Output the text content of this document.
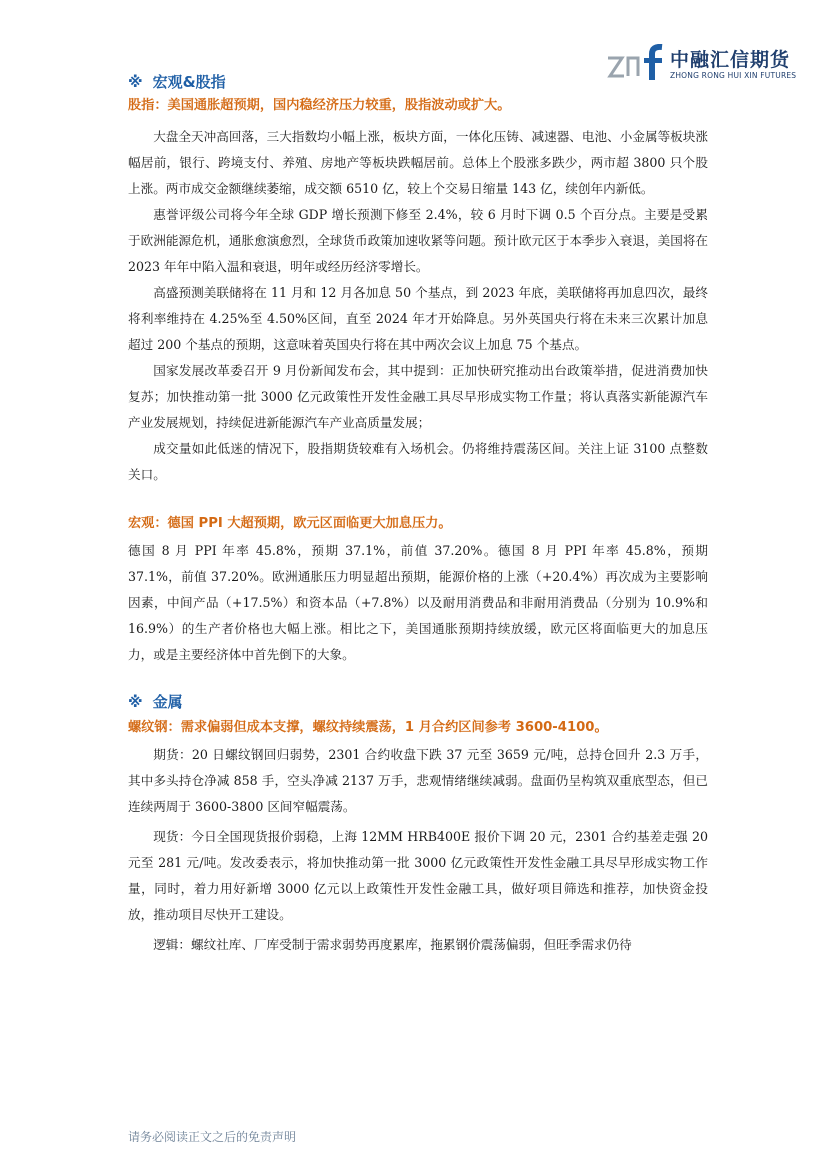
中融汇信期货
ZHONG RONG HUI XIN FUTURES
※ 宏观&股指
股指：美国通胀超预期，国内稳经济压力较重，股指波动或扩大。

大盘全天冲高回落，三大指数均小幅上涨，板块方面，一体化压铸、减速器、电池、小金属等板块涨幅居前，银行、跨境支付、养殖、房地产等板块跌幅居前。总体上个股涨多跌少，两市超 3800 只个股上涨。两市成交金额继续萎缩，成交额 6510 亿，较上个交易日缩量 143 亿，续创年内新低。

惠誉评级公司将今年全球 GDP 增长预测下修至 2.4%，较 6 月时下调 0.5 个百分点。主要是受累于欧洲能源危机，通胀愈演愈烈，全球货币政策加速收紧等问题。预计欧元区于本季步入衰退，美国将在 2023 年年中陷入温和衰退，明年或经历经济零增长。

高盛预测美联储将在 11 月和 12 月各加息 50 个基点，到 2023 年底，美联储将再加息四次，最终将利率维持在 4.25%至 4.50%区间，直至 2024 年才开始降息。另外英国央行将在未来三次累计加息超过 200 个基点的预期，这意味着英国央行将在其中两次会议上加息 75 个基点。

国家发展改革委召开 9 月份新闻发布会，其中提到：正加快研究推动出台政策举措，促进消费加快复苏；加快推动第一批 3000 亿元政策性开发性金融工具尽早形成实物工作量；将认真落实新能源汽车产业发展规划，持续促进新能源汽车产业高质量发展；

成交量如此低迷的情况下，股指期货较难有入场机会。仍将维持震荡区间。关注上证 3100 点整数关口。

宏观：德国 PPI 大超预期，欧元区面临更大加息压力。

德国 8 月 PPI 年率 45.8%，预期 37.1%，前值 37.20%。德国 8 月 PPI 年率 45.8%，预期 37.1%，前值 37.20%。欧洲通胀压力明显超出预期，能源价格的上涨（+20.4%）再次成为主要影响因素，中间产品（+17.5%）和资本品（+7.8%）以及耐用消费品和非耐用消费品（分别为 10.9%和 16.9%）的生产者价格也大幅上涨。相比之下，美国通胀预期持续放缓，欧元区将面临更大的加息压力，或是主要经济体中首先倒下的大象。

※ 金属
螺纹钢：需求偏弱但成本支撑，螺纹持续震荡，1 月合约区间参考 3600-4100。

期货：20 日螺纹钢回归弱势，2301 合约收盘下跌 37 元至 3659 元/吨，总持仓回升 2.3 万手，其中多头持仓净减 858 手，空头净减 2137 万手，悲观情绪继续减弱。盘面仍呈构筑双重底型态，但已连续两周于 3600-3800 区间窄幅震荡。

现货：今日全国现货报价弱稳，上海 12MM HRB400E 报价下调 20 元，2301 合约基差走强 20 元至 281 元/吨。发改委表示，将加快推动第一批 3000 亿元政策性开发性金融工具尽早形成实物工作量，同时，着力用好新增 3000 亿元以上政策性开发性金融工具，做好项目筛选和推荐，加快资金投放，推动项目尽快开工建设。

逻辑：螺纹社库、厂库受制于需求弱势再度累库，拖累钢价震荡偏弱，但旺季需求仍待

请务必阅读正文之后的免责声明
